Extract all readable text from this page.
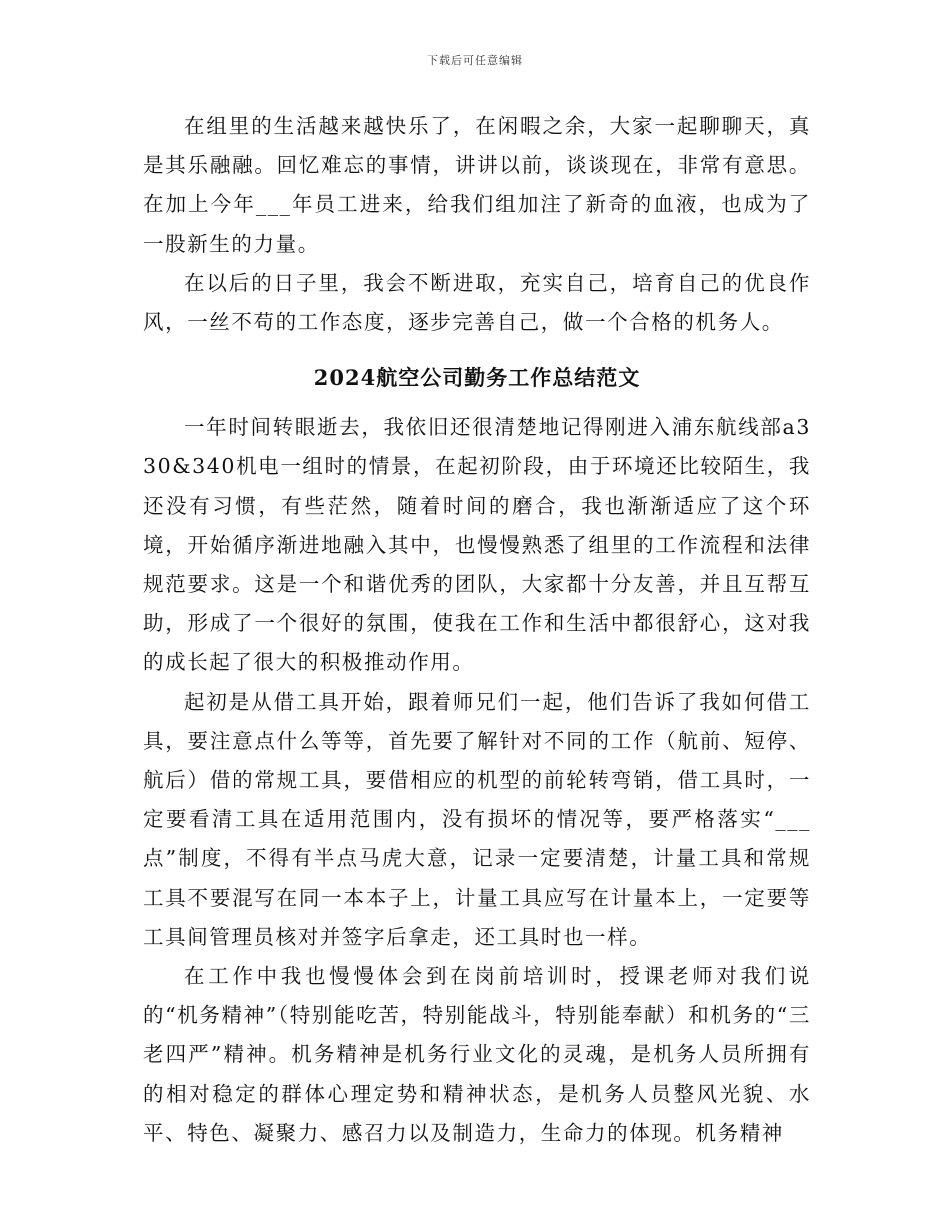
下载后可任意编辑

在组里的生活越来越快乐了，在闲暇之余，大家一起聊聊天，真是其乐融融。回忆难忘的事情，讲讲以前，谈谈现在，非常有意思。在加上今年___年员工进来，给我们组加注了新奇的血液，也成为了一股新生的力量。

在以后的日子里，我会不断进取，充实自己，培育自己的优良作风，一丝不苟的工作态度，逐步完善自己，做一个合格的机务人。

2024航空公司勤务工作总结范文

一年时间转眼逝去，我依旧还很清楚地记得刚进入浦东航线部a330&340机电一组时的情景，在起初阶段，由于环境还比较陌生，我还没有习惯，有些茫然，随着时间的磨合，我也渐渐适应了这个环境，开始循序渐进地融入其中，也慢慢熟悉了组里的工作流程和法律规范要求。这是一个和谐优秀的团队，大家都十分友善，并且互帮互助，形成了一个很好的氛围，使我在工作和生活中都很舒心，这对我的成长起了很大的积极推动作用。

起初是从借工具开始，跟着师兄们一起，他们告诉了我如何借工具，要注意点什么等等，首先要了解针对不同的工作（航前、短停、航后）借的常规工具，要借相应的机型的前轮转弯销，借工具时，一定要看清工具在适用范围内，没有损坏的情况等，要严格落实“___点”制度，不得有半点马虎大意，记录一定要清楚，计量工具和常规工具不要混写在同一本本子上，计量工具应写在计量本上，一定要等工具间管理员核对并签字后拿走，还工具时也一样。

在工作中我也慢慢体会到在岗前培训时，授课老师对我们说的“机务精神”（特别能吃苦，特别能战斗，特别能奉献）和机务的“三老四严”精神。机务精神是机务行业文化的灵魂，是机务人员所拥有的相对稳定的群体心理定势和精神状态，是机务人员整风光貌、水平、特色、凝聚力、感召力以及制造力，生命力的体现。机务精神
